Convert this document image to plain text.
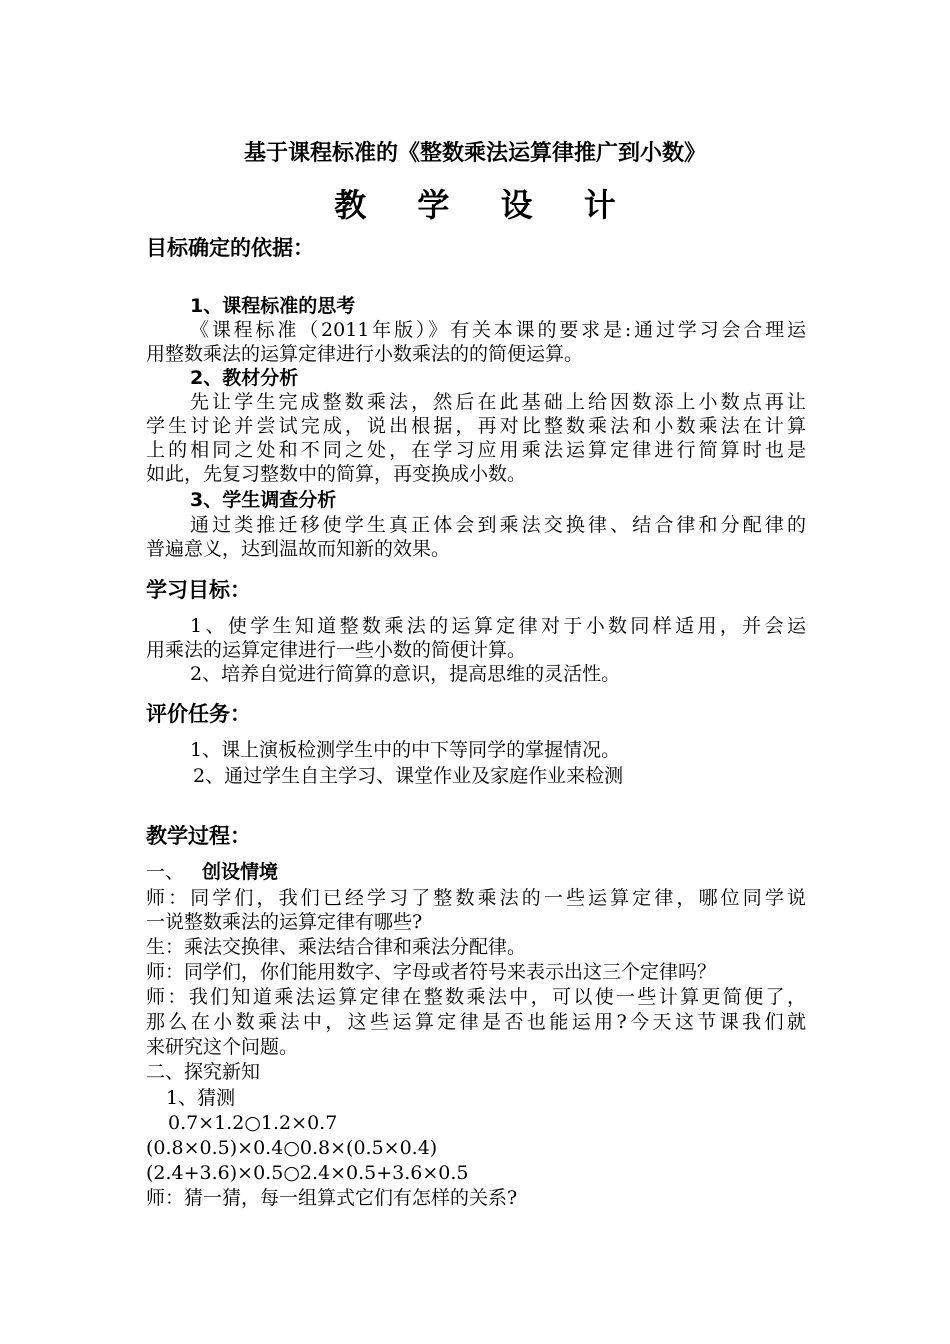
基于课程标准的《整数乘法运算律推广到小数》
教 学 设 计
目标确定的依据：
1、课程标准的思考
《课程标准（2011年版）》有关本课的要求是:通过学习会合理运
用整数乘法的运算定律进行小数乘法的的简便运算。
2、教材分析
先让学生完成整数乘法，然后在此基础上给因数添上小数点再让
学生讨论并尝试完成，说出根据，再对比整数乘法和小数乘法在计算
上的相同之处和不同之处，在学习应用乘法运算定律进行简算时也是
如此，先复习整数中的简算，再变换成小数。
3、学生调查分析
通过类推迁移使学生真正体会到乘法交换律、结合律和分配律的
普遍意义，达到温故而知新的效果。
学习目标：
1、使学生知道整数乘法的运算定律对于小数同样适用，并会运
用乘法的运算定律进行一些小数的简便计算。
2、培养自觉进行简算的意识，提高思维的灵活性。
评价任务：
1、课上演板检测学生中的中下等同学的掌握情况。
2、通过学生自主学习、课堂作业及家庭作业来检测
教学过程：
一、 创设情境
师：同学们，我们已经学习了整数乘法的一些运算定律，哪位同学说
一说整数乘法的运算定律有哪些?
生：乘法交换律、乘法结合律和乘法分配律。
师：同学们，你们能用数字、字母或者符号来表示出这三个定律吗？
师：我们知道乘法运算定律在整数乘法中，可以使一些计算更简便了，
那么在小数乘法中，这些运算定律是否也能运用?今天这节课我们就
来研究这个问题。
二、探究新知
1、猜测
0.7×1.2○1.2×0.7
(0.8×0.5)×0.4○0.8×(0.5×0.4)
(2.4+3.6)×0.5○2.4×0.5+3.6×0.5
师：猜一猜，每一组算式它们有怎样的关系?
